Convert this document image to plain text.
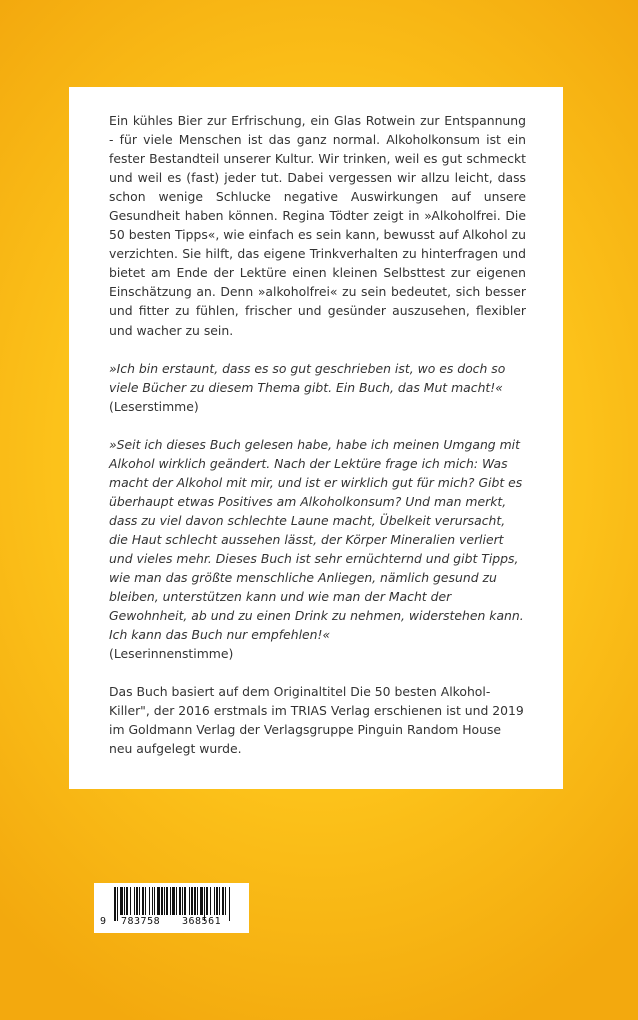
Ein kühles Bier zur Erfrischung, ein Glas Rotwein zur Entspannung - für viele Menschen ist das ganz normal. Alkoholkonsum ist ein fester Bestandteil unserer Kultur. Wir trinken, weil es gut schmeckt und weil es (fast) jeder tut. Dabei vergessen wir allzu leicht, dass schon wenige Schlucke negative Auswirkungen auf unsere Gesundheit haben können. Regina Tödter zeigt in »Alkoholfrei. Die 50 besten Tipps«, wie einfach es sein kann, bewusst auf Alkohol zu verzichten. Sie hilft, das eigene Trinkverhalten zu hinterfragen und bietet am Ende der Lektüre einen kleinen Selbsttest zur eigenen Einschätzung an. Denn »alkoholfrei« zu sein bedeutet, sich besser und fitter zu fühlen, frischer und gesünder auszusehen, flexibler und wacher zu sein.

»Ich bin erstaunt, dass es so gut geschrieben ist, wo es doch so viele Bücher zu diesem Thema gibt. Ein Buch, das Mut macht!«

(Leserstimme)

»Seit ich dieses Buch gelesen habe, habe ich meinen Umgang mit Alkohol wirklich geändert. Nach der Lektüre frage ich mich: Was macht der Alkohol mit mir, und ist er wirklich gut für mich? Gibt es überhaupt etwas Positives am Alkoholkonsum? Und man merkt, dass zu viel davon schlechte Laune macht, Übelkeit verursacht, die Haut schlecht aussehen lässt, der Körper Mineralien verliert und vieles mehr. Dieses Buch ist sehr ernüchternd und gibt Tipps, wie man das größte menschliche Anliegen, nämlich gesund zu bleiben, unterstützen kann und wie man der Macht der Gewohnheit, ab und zu einen Drink zu nehmen, widerstehen kann. Ich kann das Buch nur empfehlen!«

(Leserinnenstimme)

Das Buch basiert auf dem Originaltitel Die 50 besten Alkohol-Killer", der 2016 erstmals im TRIAS Verlag erschienen ist und 2019 im Goldmann Verlag der Verlagsgruppe Pinguin Random House neu aufgelegt wurde.

9 783758 368561
